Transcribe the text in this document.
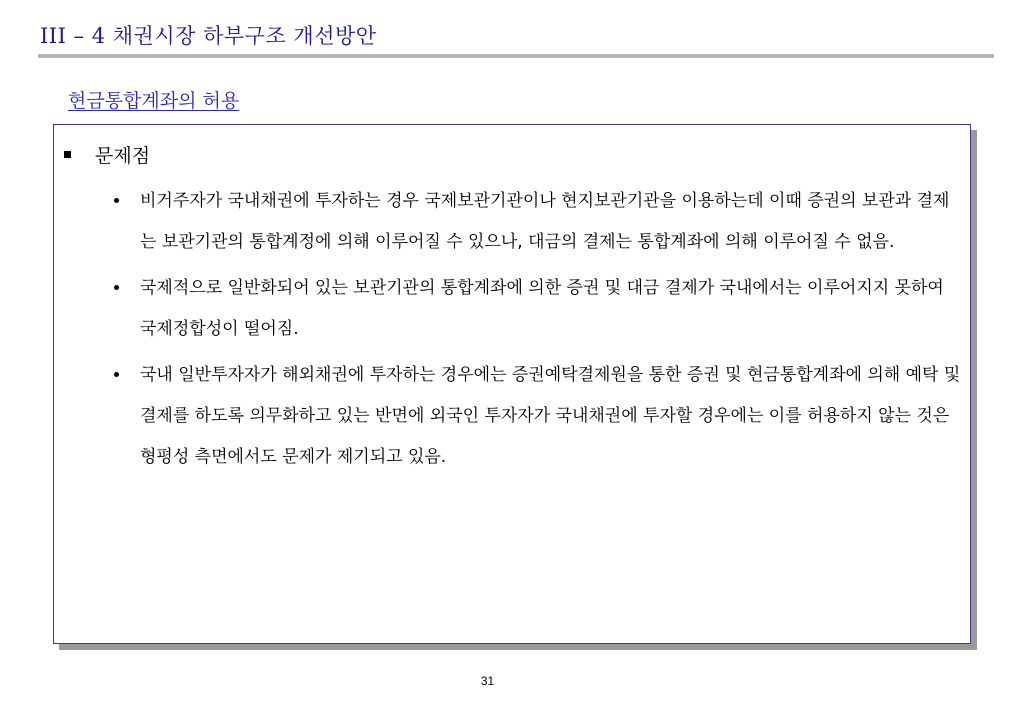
III – 4 채권시장 하부구조 개선방안
현금통합계좌의 허용
문제점
비거주자가 국내채권에 투자하는 경우 국제보관기관이나 현지보관기관을 이용하는데 이때 증권의 보관과 결제는 보관기관의 통합계정에 의해 이루어질 수 있으나, 대금의 결제는 통합계좌에 의해 이루어질 수 없음.
국제적으로 일반화되어 있는 보관기관의 통합계좌에 의한 증권 및 대금 결제가 국내에서는 이루어지지 못하여 국제정합성이 떨어짐.
국내 일반투자자가 해외채권에 투자하는 경우에는 증권예탁결제원을 통한 증권 및 현금통합계좌에 의해 예탁 및 결제를 하도록 의무화하고 있는 반면에 외국인 투자자가 국내채권에 투자할 경우에는 이를 허용하지 않는 것은 형평성 측면에서도 문제가 제기되고 있음.
31
